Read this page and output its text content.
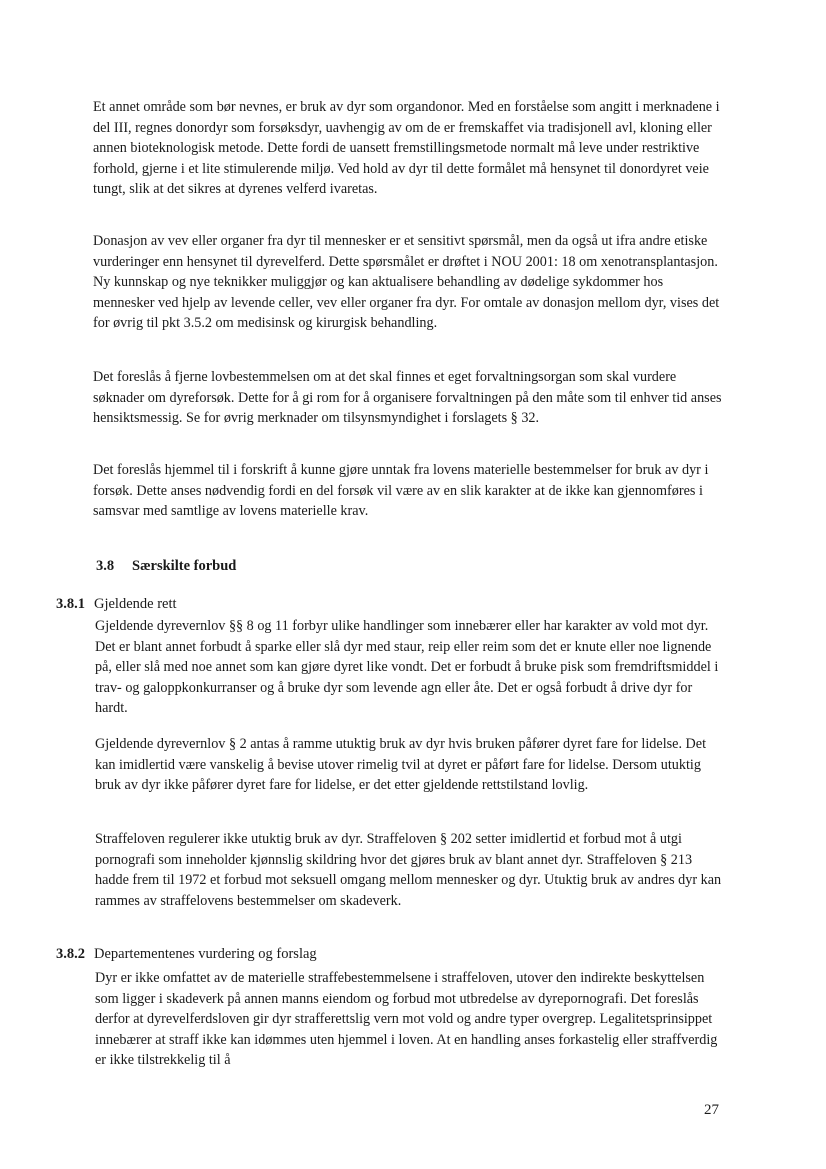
Et annet område som bør nevnes, er bruk av dyr som organdonor. Med en forståelse som angitt i merknadene i del III, regnes donordyr som forsøksdyr, uavhengig av om de er fremskaffet via tradisjonell avl, kloning eller annen bioteknologisk metode. Dette fordi de uansett fremstillingsmetode normalt må leve under restriktive forhold, gjerne i et lite stimulerende miljø. Ved hold av dyr til dette formålet må hensynet til donordyret veie tungt, slik at det sikres at dyrenes velferd ivaretas.

Donasjon av vev eller organer fra dyr til mennesker er et sensitivt spørsmål, men da også ut ifra andre etiske vurderinger enn hensynet til dyrevelferd. Dette spørsmålet er drøftet i NOU 2001: 18 om xenotransplantasjon. Ny kunnskap og nye teknikker muliggjør og kan aktualisere behandling av dødelige sykdommer hos mennesker ved hjelp av levende celler, vev eller organer fra dyr. For omtale av donasjon mellom dyr, vises det for øvrig til pkt 3.5.2 om medisinsk og kirurgisk behandling.

Det foreslås å fjerne lovbestemmelsen om at det skal finnes et eget forvaltningsorgan som skal vurdere søknader om dyreforsøk. Dette for å gi rom for å organisere forvaltningen på den måte som til enhver tid anses hensiktsmessig. Se for øvrig merknader om tilsynsmyndighet i forslagets § 32.

Det foreslås hjemmel til i forskrift å kunne gjøre unntak fra lovens materielle bestemmelser for bruk av dyr i forsøk. Dette anses nødvendig fordi en del forsøk vil være av en slik karakter at de ikke kan gjennomføres i samsvar med samtlige av lovens materielle krav.

3.8 Særskilte forbud
3.8.1 Gjeldende rett

Gjeldende dyrevernlov §§ 8 og 11 forbyr ulike handlinger som innebærer eller har karakter av vold mot dyr. Det er blant annet forbudt å sparke eller slå dyr med staur, reip eller reim som det er knute eller noe lignende på, eller slå med noe annet som kan gjøre dyret like vondt. Det er forbudt å bruke pisk som fremdriftsmiddel i trav- og galoppkonkurranser og å bruke dyr som levende agn eller åte. Det er også forbudt å drive dyr for hardt.

Gjeldende dyrevernlov § 2 antas å ramme utuktig bruk av dyr hvis bruken påfører dyret fare for lidelse. Det kan imidlertid være vanskelig å bevise utover rimelig tvil at dyret er påført fare for lidelse. Dersom utuktig bruk av dyr ikke påfører dyret fare for lidelse, er det etter gjeldende rettstilstand lovlig.

Straffeloven regulerer ikke utuktig bruk av dyr. Straffeloven § 202 setter imidlertid et forbud mot å utgi pornografi som inneholder kjønnslig skildring hvor det gjøres bruk av blant annet dyr. Straffeloven § 213 hadde frem til 1972 et forbud mot seksuell omgang mellom mennesker og dyr. Utuktig bruk av andres dyr kan rammes av straffelovens bestemmelser om skadeverk.

3.8.2 Departementenes vurdering og forslag

Dyr er ikke omfattet av de materielle straffebestemmelsene i straffeloven, utover den indirekte beskyttelsen som ligger i skadeverk på annen manns eiendom og forbud mot utbredelse av dyrepornografi. Det foreslås derfor at dyrevelferdsloven gir dyr strafferettslig vern mot vold og andre typer overgrep. Legalitetsprinsippet innebærer at straff ikke kan idømmes uten hjemmel i loven. At en handling anses forkastelig eller straffverdig er ikke tilstrekkelig til å

27
